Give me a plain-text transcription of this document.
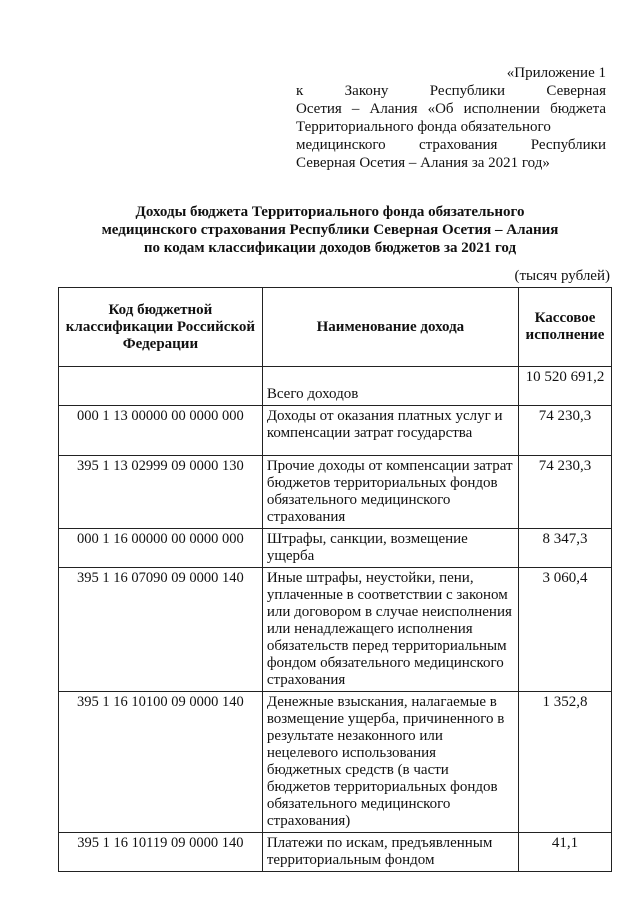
«Приложение 1
к Закону Республики Северная
Осетия – Алания «Об исполнении бюджета
Территориального фонда обязательного
медицинского страхования Республики
Северная Осетия – Алания за 2021 год»
Доходы бюджета Территориального фонда обязательного
медицинского страхования Республики Северная Осетия – Алания
по кодам классификации доходов бюджетов за 2021 год
(тысяч рублей)
Код бюджетной классификации Российской Федерации	Наименование дохода	Кассовое исполнение
	Всего доходов	10 520 691,2
000 1 13 00000 00 0000 000	Доходы от оказания платных услуг и компенсации затрат государства	74 230,3
395 1 13 02999 09 0000 130	Прочие доходы от компенсации затрат бюджетов территориальных фондов обязательного медицинского страхования	74 230,3
000 1 16 00000 00 0000 000	Штрафы, санкции, возмещение ущерба	8 347,3
395 1 16 07090 09 0000 140	Иные штрафы, неустойки, пени, уплаченные в соответствии с законом или договором в случае неисполнения или ненадлежащего исполнения обязательств перед территориальным фондом обязательного медицинского страхования	3 060,4
395 1 16 10100 09 0000 140	Денежные взыскания, налагаемые в возмещение ущерба, причиненного в результате незаконного или нецелевого использования бюджетных средств (в части бюджетов территориальных фондов обязательного медицинского страхования)	1 352,8
395 1 16 10119 09 0000 140	Платежи по искам, предъявленным территориальным фондом	41,1
